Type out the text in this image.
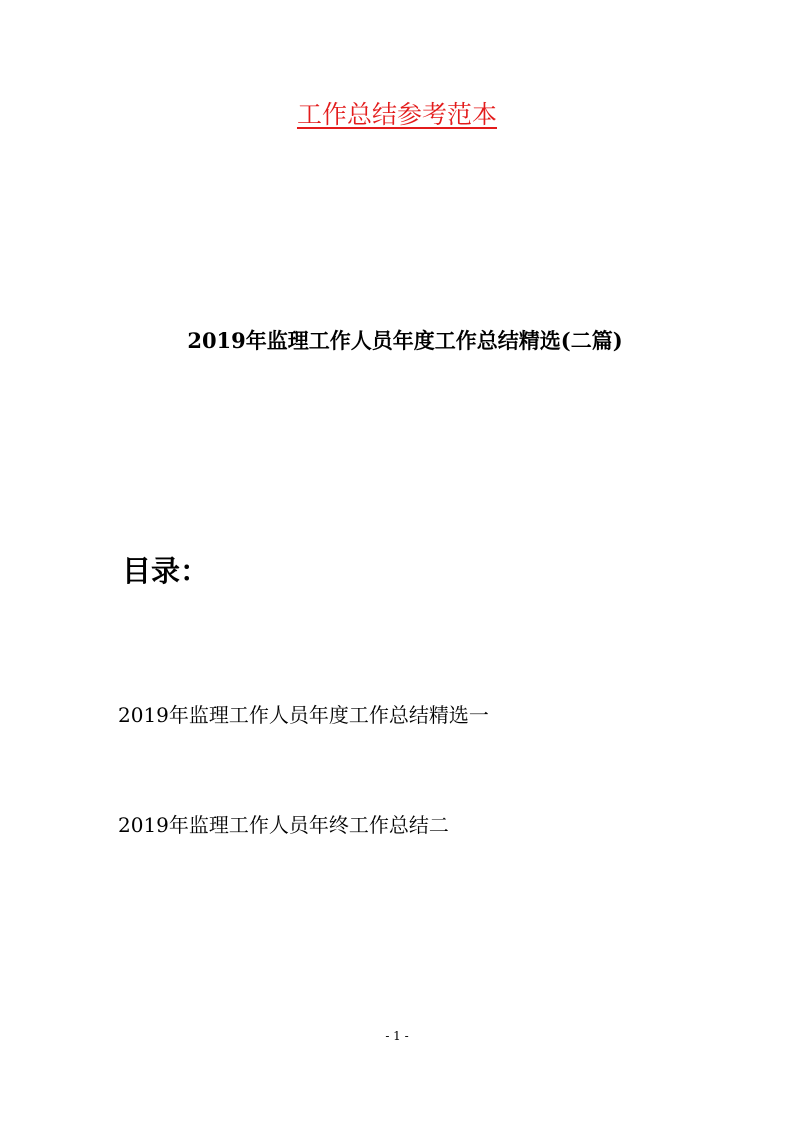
工作总结参考范本
2019年监理工作人员年度工作总结精选(二篇)
目录：
2019年监理工作人员年度工作总结精选一
2019年监理工作人员年终工作总结二
- 1 -
